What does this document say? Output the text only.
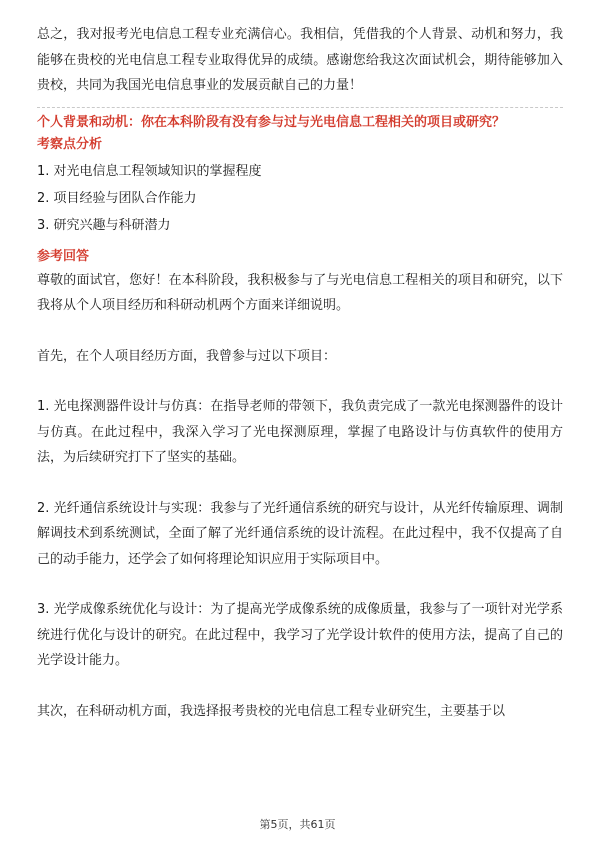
总之，我对报考光电信息工程专业充满信心。我相信，凭借我的个人背景、动机和努力，我能够在贵校的光电信息工程专业取得优异的成绩。感谢您给我这次面试机会，期待能够加入贵校，共同为我国光电信息事业的发展贡献自己的力量！

个人背景和动机：你在本科阶段有没有参与过与光电信息工程相关的项目或研究？

考察点分析

1. 对光电信息工程领域知识的掌握程度
2. 项目经验与团队合作能力
3. 研究兴趣与科研潜力

参考回答

尊敬的面试官，您好！在本科阶段，我积极参与了与光电信息工程相关的项目和研究，以下我将从个人项目经历和科研动机两个方面来详细说明。

首先，在个人项目经历方面，我曾参与过以下项目：

1. 光电探测器件设计与仿真：在指导老师的带领下，我负责完成了一款光电探测器件的设计与仿真。在此过程中，我深入学习了光电探测原理，掌握了电路设计与仿真软件的使用方法，为后续研究打下了坚实的基础。

2. 光纤通信系统设计与实现：我参与了光纤通信系统的研究与设计，从光纤传输原理、调制解调技术到系统测试，全面了解了光纤通信系统的设计流程。在此过程中，我不仅提高了自己的动手能力，还学会了如何将理论知识应用于实际项目中。

3. 光学成像系统优化与设计：为了提高光学成像系统的成像质量，我参与了一项针对光学系统进行优化与设计的研究。在此过程中，我学习了光学设计软件的使用方法，提高了自己的光学设计能力。

其次，在科研动机方面，我选择报考贵校的光电信息工程专业研究生，主要基于以

第5页，共61页
